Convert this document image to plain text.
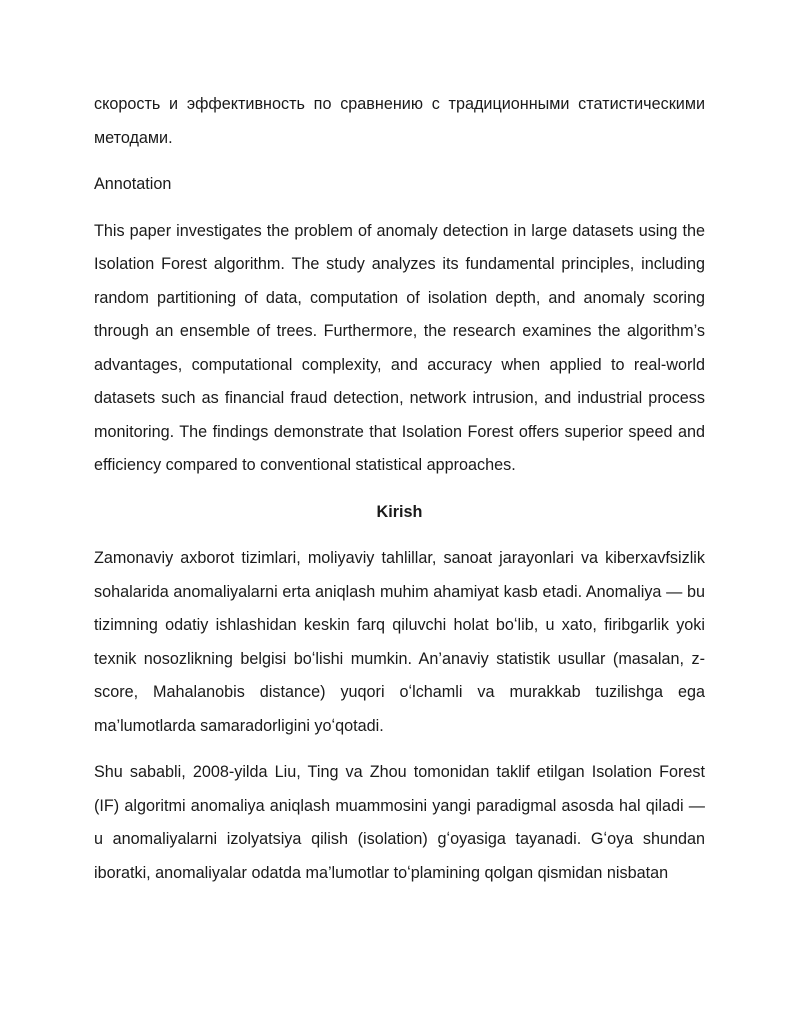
скорость и эффективность по сравнению с традиционными статистическими методами.

Annotation

This paper investigates the problem of anomaly detection in large datasets using the Isolation Forest algorithm. The study analyzes its fundamental principles, including random partitioning of data, computation of isolation depth, and anomaly scoring through an ensemble of trees. Furthermore, the research examines the algorithm’s advantages, computational complexity, and accuracy when applied to real-world datasets such as financial fraud detection, network intrusion, and industrial process monitoring. The findings demonstrate that Isolation Forest offers superior speed and efficiency compared to conventional statistical approaches.

Kirish

Zamonaviy axborot tizimlari, moliyaviy tahlillar, sanoat jarayonlari va kiberxavfsizlik sohalarida anomaliyalarni erta aniqlash muhim ahamiyat kasb etadi. Anomaliya — bu tizimning odatiy ishlashidan keskin farq qiluvchi holat boʻlib, u xato, firibgarlik yoki texnik nosozlikning belgisi boʻlishi mumkin. An’anaviy statistik usullar (masalan, z-score, Mahalanobis distance) yuqori oʻlchamli va murakkab tuzilishga ega ma’lumotlarda samaradorligini yoʻqotadi.

Shu sababli, 2008-yilda Liu, Ting va Zhou tomonidan taklif etilgan Isolation Forest (IF) algoritmi anomaliya aniqlash muammosini yangi paradigmal asosda hal qiladi — u anomaliyalarni izolyatsiya qilish (isolation) gʻoyasiga tayanadi. Gʻoya shundan iboratki, anomaliyalar odatda ma’lumotlar toʻplamining qolgan qismidan nisbatan
